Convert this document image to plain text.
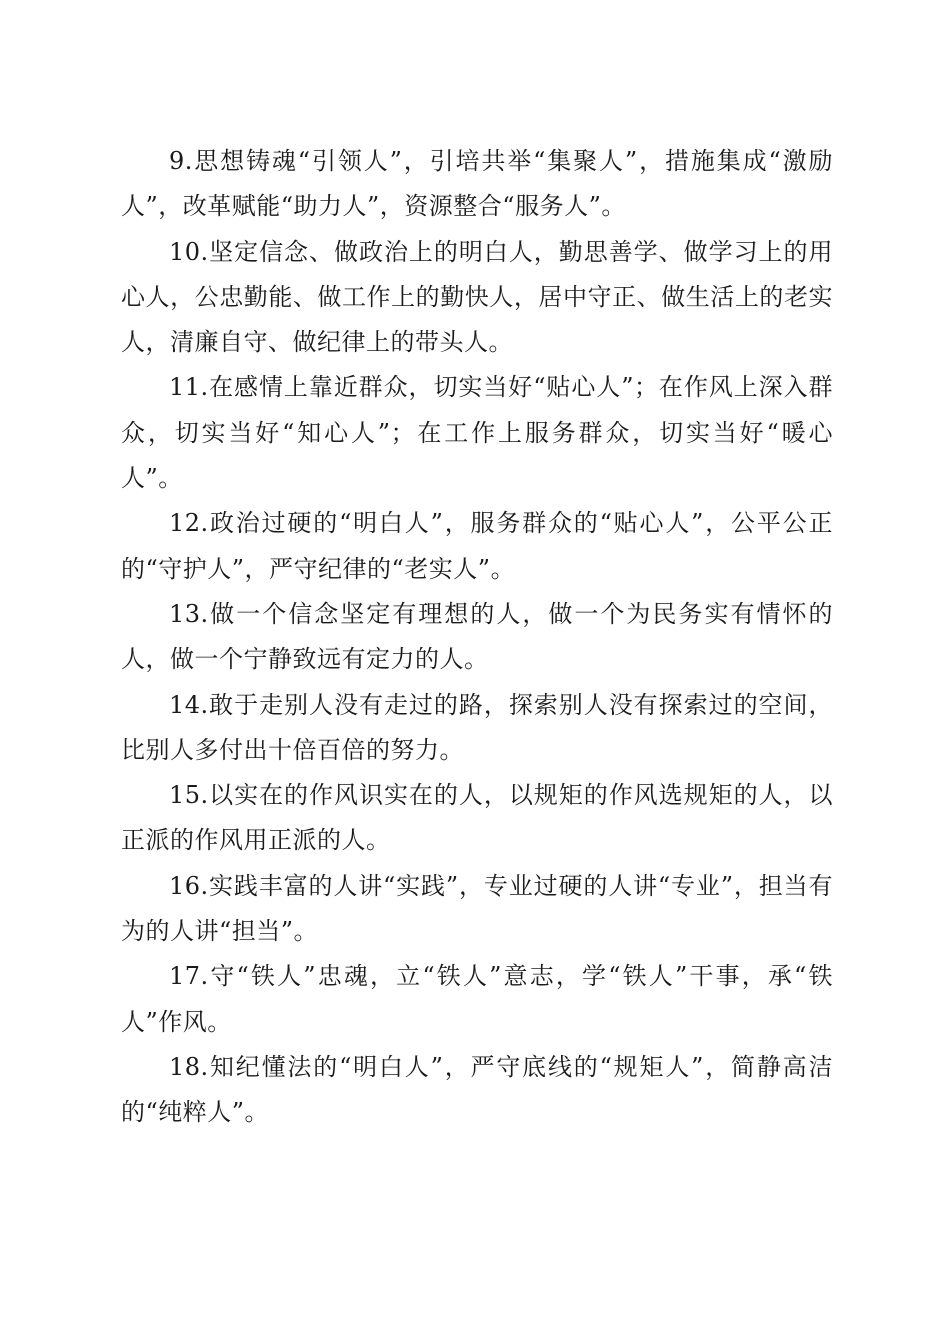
9.思想铸魂“引领人”，引培共举“集聚人”，措施集成“激励人”，改革赋能“助力人”，资源整合“服务人”。

10.坚定信念、做政治上的明白人，勤思善学、做学习上的用心人，公忠勤能、做工作上的勤快人，居中守正、做生活上的老实人，清廉自守、做纪律上的带头人。

11.在感情上靠近群众，切实当好“贴心人”；在作风上深入群众，切实当好“知心人”；在工作上服务群众，切实当好“暖心人”。

12.政治过硬的“明白人”，服务群众的“贴心人”，公平公正的“守护人”，严守纪律的“老实人”。

13.做一个信念坚定有理想的人，做一个为民务实有情怀的人，做一个宁静致远有定力的人。

14.敢于走别人没有走过的路，探索别人没有探索过的空间，比别人多付出十倍百倍的努力。

15.以实在的作风识实在的人，以规矩的作风选规矩的人，以正派的作风用正派的人。

16.实践丰富的人讲“实践”，专业过硬的人讲“专业”，担当有为的人讲“担当”。

17.守“铁人”忠魂，立“铁人”意志，学“铁人”干事，承“铁人”作风。

18.知纪懂法的“明白人”，严守底线的“规矩人”，简静高洁的“纯粹人”。
